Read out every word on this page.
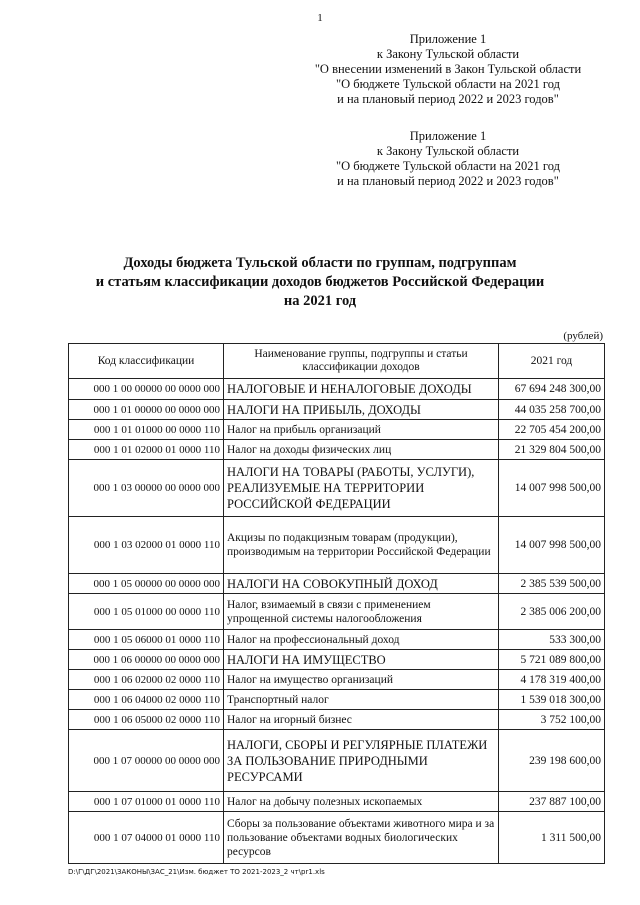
1
Приложение 1
к Закону Тульской области
"О внесении изменений в Закон Тульской области
"О бюджете Тульской области на 2021 год
и на плановый период 2022 и 2023 годов"
Приложение 1
к Закону Тульской области
"О бюджете Тульской области на 2021 год
и на плановый период 2022 и 2023 годов"
Доходы бюджета Тульской области по группам, подгруппам
и статьям классификации доходов бюджетов Российской Федерации
на 2021 год
(рублей)
Код классификации	Наименование группы, подгруппы и статьи классификации доходов	2021 год
000 1 00 00000 00 0000 000	НАЛОГОВЫЕ И НЕНАЛОГОВЫЕ ДОХОДЫ	67 694 248 300,00
000 1 01 00000 00 0000 000	НАЛОГИ НА ПРИБЫЛЬ, ДОХОДЫ	44 035 258 700,00
000 1 01 01000 00 0000 110	Налог на прибыль организаций	22 705 454 200,00
000 1 01 02000 01 0000 110	Налог на доходы физических лиц	21 329 804 500,00
000 1 03 00000 00 0000 000	НАЛОГИ НА ТОВАРЫ (РАБОТЫ, УСЛУГИ), РЕАЛИЗУЕМЫЕ НА ТЕРРИТОРИИ РОССИЙСКОЙ ФЕДЕРАЦИИ	14 007 998 500,00
000 1 03 02000 01 0000 110	Акцизы по подакцизным товарам (продукции), производимым на территории Российской Федерации	14 007 998 500,00
000 1 05 00000 00 0000 000	НАЛОГИ НА СОВОКУПНЫЙ ДОХОД	2 385 539 500,00
000 1 05 01000 00 0000 110	Налог, взимаемый в связи с применением упрощенной системы налогообложения	2 385 006 200,00
000 1 05 06000 01 0000 110	Налог на профессиональный доход	533 300,00
000 1 06 00000 00 0000 000	НАЛОГИ НА ИМУЩЕСТВО	5 721 089 800,00
000 1 06 02000 02 0000 110	Налог на имущество организаций	4 178 319 400,00
000 1 06 04000 02 0000 110	Транспортный налог	1 539 018 300,00
000 1 06 05000 02 0000 110	Налог на игорный бизнес	3 752 100,00
000 1 07 00000 00 0000 000	НАЛОГИ, СБОРЫ И РЕГУЛЯРНЫЕ ПЛАТЕЖИ ЗА ПОЛЬЗОВАНИЕ ПРИРОДНЫМИ РЕСУРСАМИ	239 198 600,00
000 1 07 01000 01 0000 110	Налог на добычу полезных ископаемых	237 887 100,00
000 1 07 04000 01 0000 110	Сборы за пользование объектами животного мира и за пользование объектами водных биологических ресурсов	1 311 500,00
D:\Г\ДГ\2021\ЗАКОНЫ\ЗАС_21\Изм. бюджет ТО 2021-2023_2 чт\pr1.xls
